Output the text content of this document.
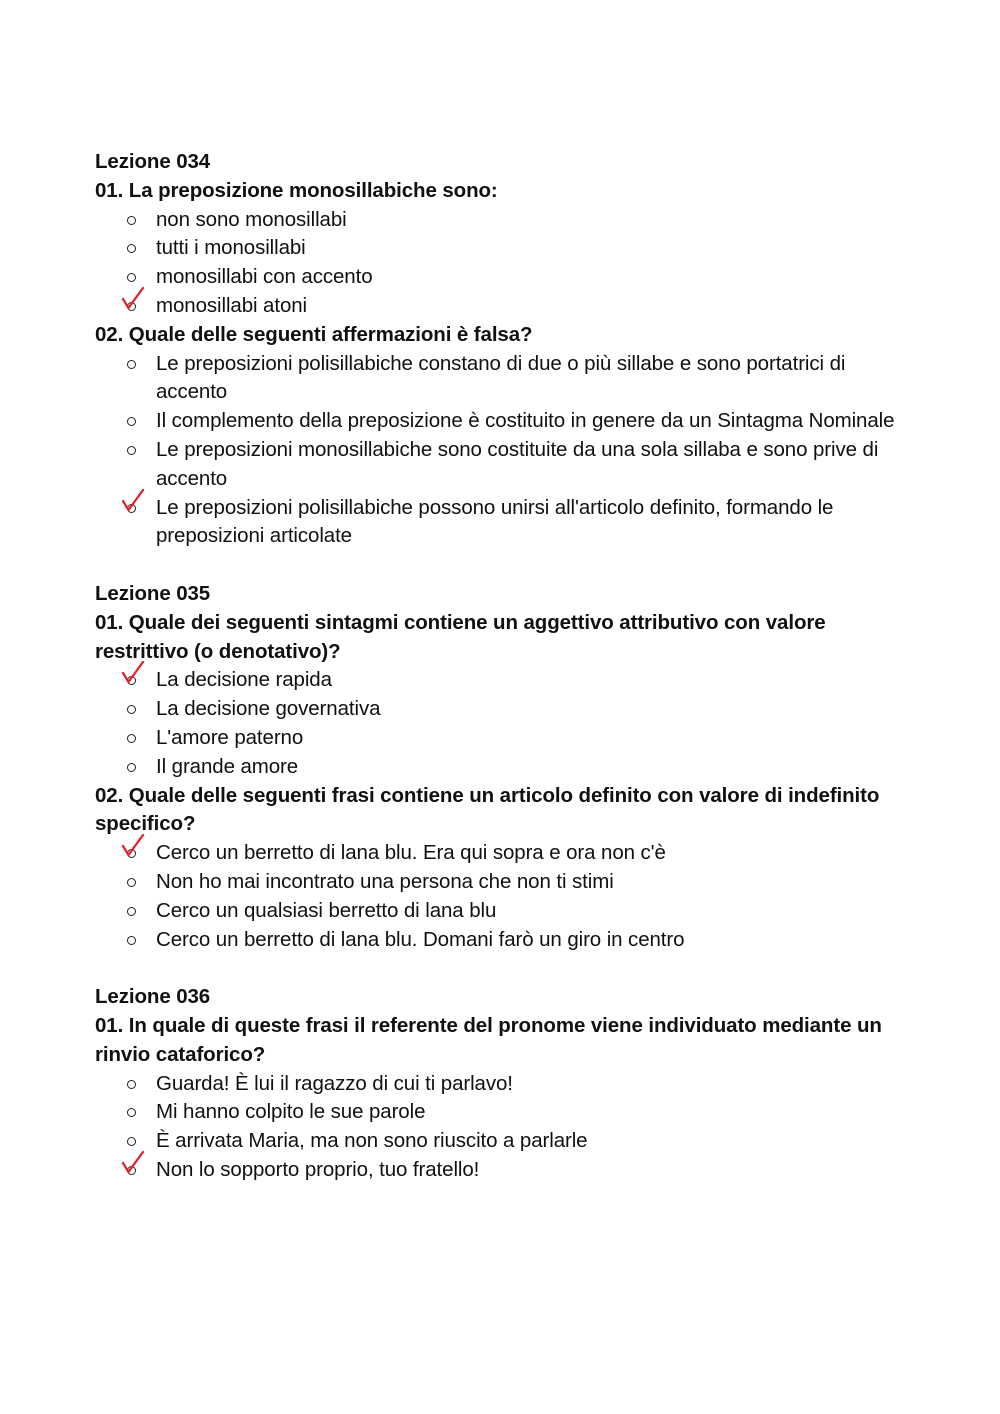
Lezione 034
01. La preposizione monosillabiche sono:
non sono monosillabi
tutti i monosillabi
monosillabi con accento
monosillabi atoni
02. Quale delle seguenti affermazioni è falsa?
Le preposizioni polisillabiche constano di due o più sillabe e sono portatrici di accento
Il complemento della preposizione è costituito in genere da un Sintagma Nominale
Le preposizioni monosillabiche sono costituite da una sola sillaba e sono prive di accento
Le preposizioni polisillabiche possono unirsi all'articolo definito, formando le preposizioni articolate
Lezione 035
01. Quale dei seguenti sintagmi contiene un aggettivo attributivo con valore restrittivo (o denotativo)?
La decisione rapida
La decisione governativa
L'amore paterno
Il grande amore
02. Quale delle seguenti frasi contiene un articolo definito con valore di indefinito specifico?
Cerco un berretto di lana blu. Era qui sopra e ora non c'è
Non ho mai incontrato una persona che non ti stimi
Cerco un qualsiasi berretto di lana blu
Cerco un berretto di lana blu. Domani farò un giro in centro
Lezione 036
01. In quale di queste frasi il referente del pronome viene individuato mediante un rinvio cataforico?
Guarda! È lui il ragazzo di cui ti parlavo!
Mi hanno colpito le sue parole
È arrivata Maria, ma non sono riuscito a parlarle
Non lo sopporto proprio, tuo fratello!
